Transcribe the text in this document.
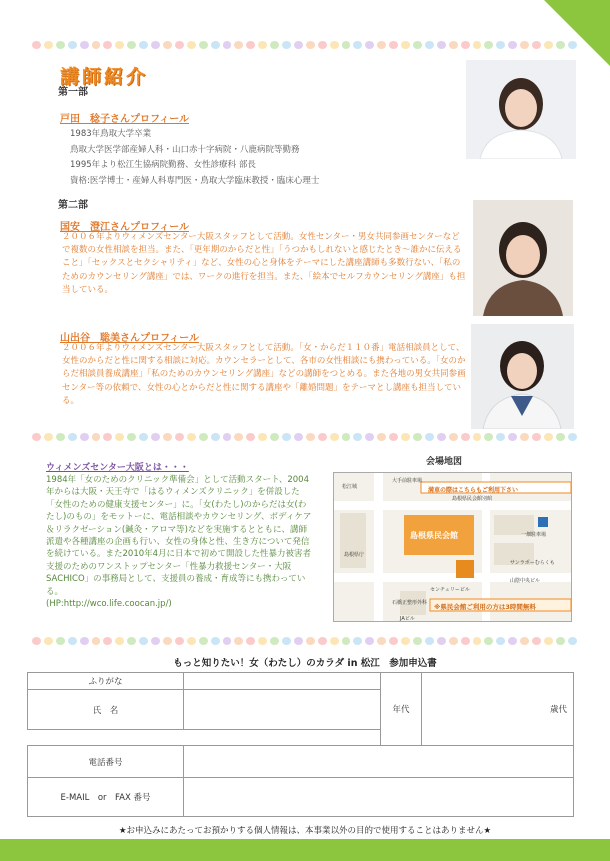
講師紹介
第一部
戸田　稔子さんプロフィール
1983年鳥取大学卒業
鳥取大学医学部産婦人科・山口赤十字病院・八鹿病院等勤務
1995年より松江生協病院勤務、女性診療科 部長
資格:医学博士・産婦人科専門医・鳥取大学臨床教授・臨床心理士
第二部
国安　澄江さんプロフィール
２００６年よりウィメンズセンター大阪スタッフとして活動。女性センター・男女共同参画センターなどで複数の女性相談を担当。また、「更年期のからだと性」「うつかもしれないと感じたとき～誰かに伝えること」「セックスとセクシャリティ」など、女性の心と身体をテーマにした講座講師も多数行ない、「私のためのカウンセリング講座」では、ワークの進行を担当。また、「絵本でセルフカウンセリング講座」も担当している。
山出谷　聡美さんプロフィール
２００６年よりウィメンズセンター大阪スタッフとして活動。「女・からだ１１０番」電話相談員として、女性のからだと性に関する相談に対応。カウンセラーとして、各市の女性相談にも携わっている。「女のからだ相談員養成講座」「私のためのカウンセリング講座」などの講師をつとめる。また各地の男女共同参画センター等の依頼で、女性の心とからだと性に関する講座や「離婚問題」をテーマとし講座も担当している。
ウィメンズセンター大阪とは・・・
1984年「女のためのクリニック準備会」として活動スタート、2004年からは大阪・天王寺で「はるウィメンズクリニック」を併設した「女性のための健康支援センター」に。「女(わたし)のからだは女(わたし)のもの」をモットーに、電話相談やカウンセリング、ボディケア＆リラクゼーション(鍼灸・アロマ等)などを実施するとともに、講師派遣や各種講座の企画も行い、女性の身体と性、生き方について発信を続けている。また2010年4月に日本で初めて開設した性暴力被害者支援のためのワンストップセンター「性暴力救援センター・大阪SACHICO」の事務局として、支援員の養成・育成等にも携わっている。
(HP:http://wco.life.coocan.jp/)
会場地図
松江城
大手前駐車場
満車の際はこちらもご利用下さい
島根県民会館別館
一畑駐車場
島根県民会館
サンラポーむらくも
山陰中央ビル
センチュリービル
石橋正整形外科
JAビル
島根県庁
※県民会館ご利用の方は3時間無料
もっと知りたい！女（わたし）のカラダ in 松江　参加申込書
ふりがな		年代	歳代
氏　名			

電話番号			
E-MAIL　or　FAX 番号			
★お申込みにあたってお預かりする個人情報は、本事業以外の目的で使用することはありません★
